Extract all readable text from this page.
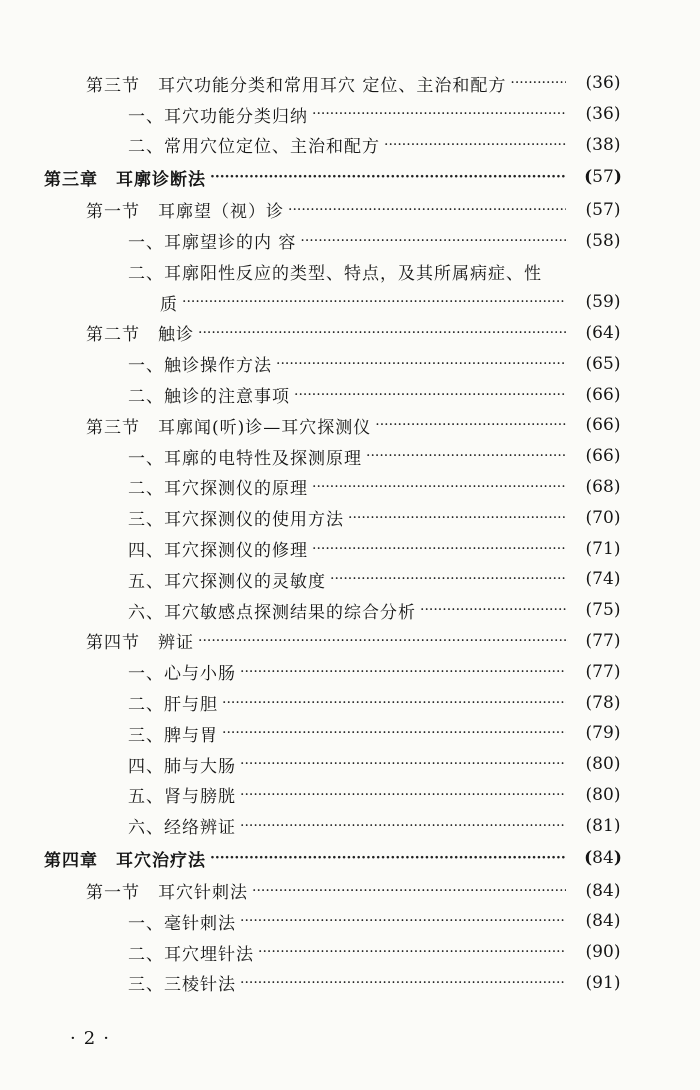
第三节　耳穴功能分类和常用耳穴 定位、主治和配方 ·····	(36)
一、耳穴功能分类归纳 ·····	(36)
二、常用穴位定位、主治和配方 ·····	(38)
第三章　耳廓诊断法 ·····	(57)
第一节　耳廓望（视）诊 ·····	(57)
一、耳廓望诊的内 容 ·····	(58)
二、耳廓阳性反应的类型、特点，及其所属病症、性
质 ·····	(59)
第二节　触诊 ·····	(64)
一、触诊操作方法 ·····	(65)
二、触诊的注意事项 ·····	(66)
第三节　耳廓闻(听)诊—耳穴探测仪 ·····	(66)
一、耳廓的电特性及探测原理 ·····	(66)
二、耳穴探测仪的原理 ·····	(68)
三、耳穴探测仪的使用方法 ·····	(70)
四、耳穴探测仪的修理 ·····	(71)
五、耳穴探测仪的灵敏度 ·····	(74)
六、耳穴敏感点探测结果的综合分析 ·····	(75)
第四节　辨证 ·····	(77)
一、心与小肠 ·····	(77)
二、肝与胆 ·····	(78)
三、脾与胃 ·····	(79)
四、肺与大肠 ·····	(80)
五、肾与膀胱 ·····	(80)
六、经络辨证 ·····	(81)
第四章　耳穴治疗法 ·····	(84)
第一节　耳穴针刺法 ·····	(84)
一、毫针刺法 ·····	(84)
二、耳穴埋针法 ·····	(90)
三、三棱针法 ·····	(91)
·2·
